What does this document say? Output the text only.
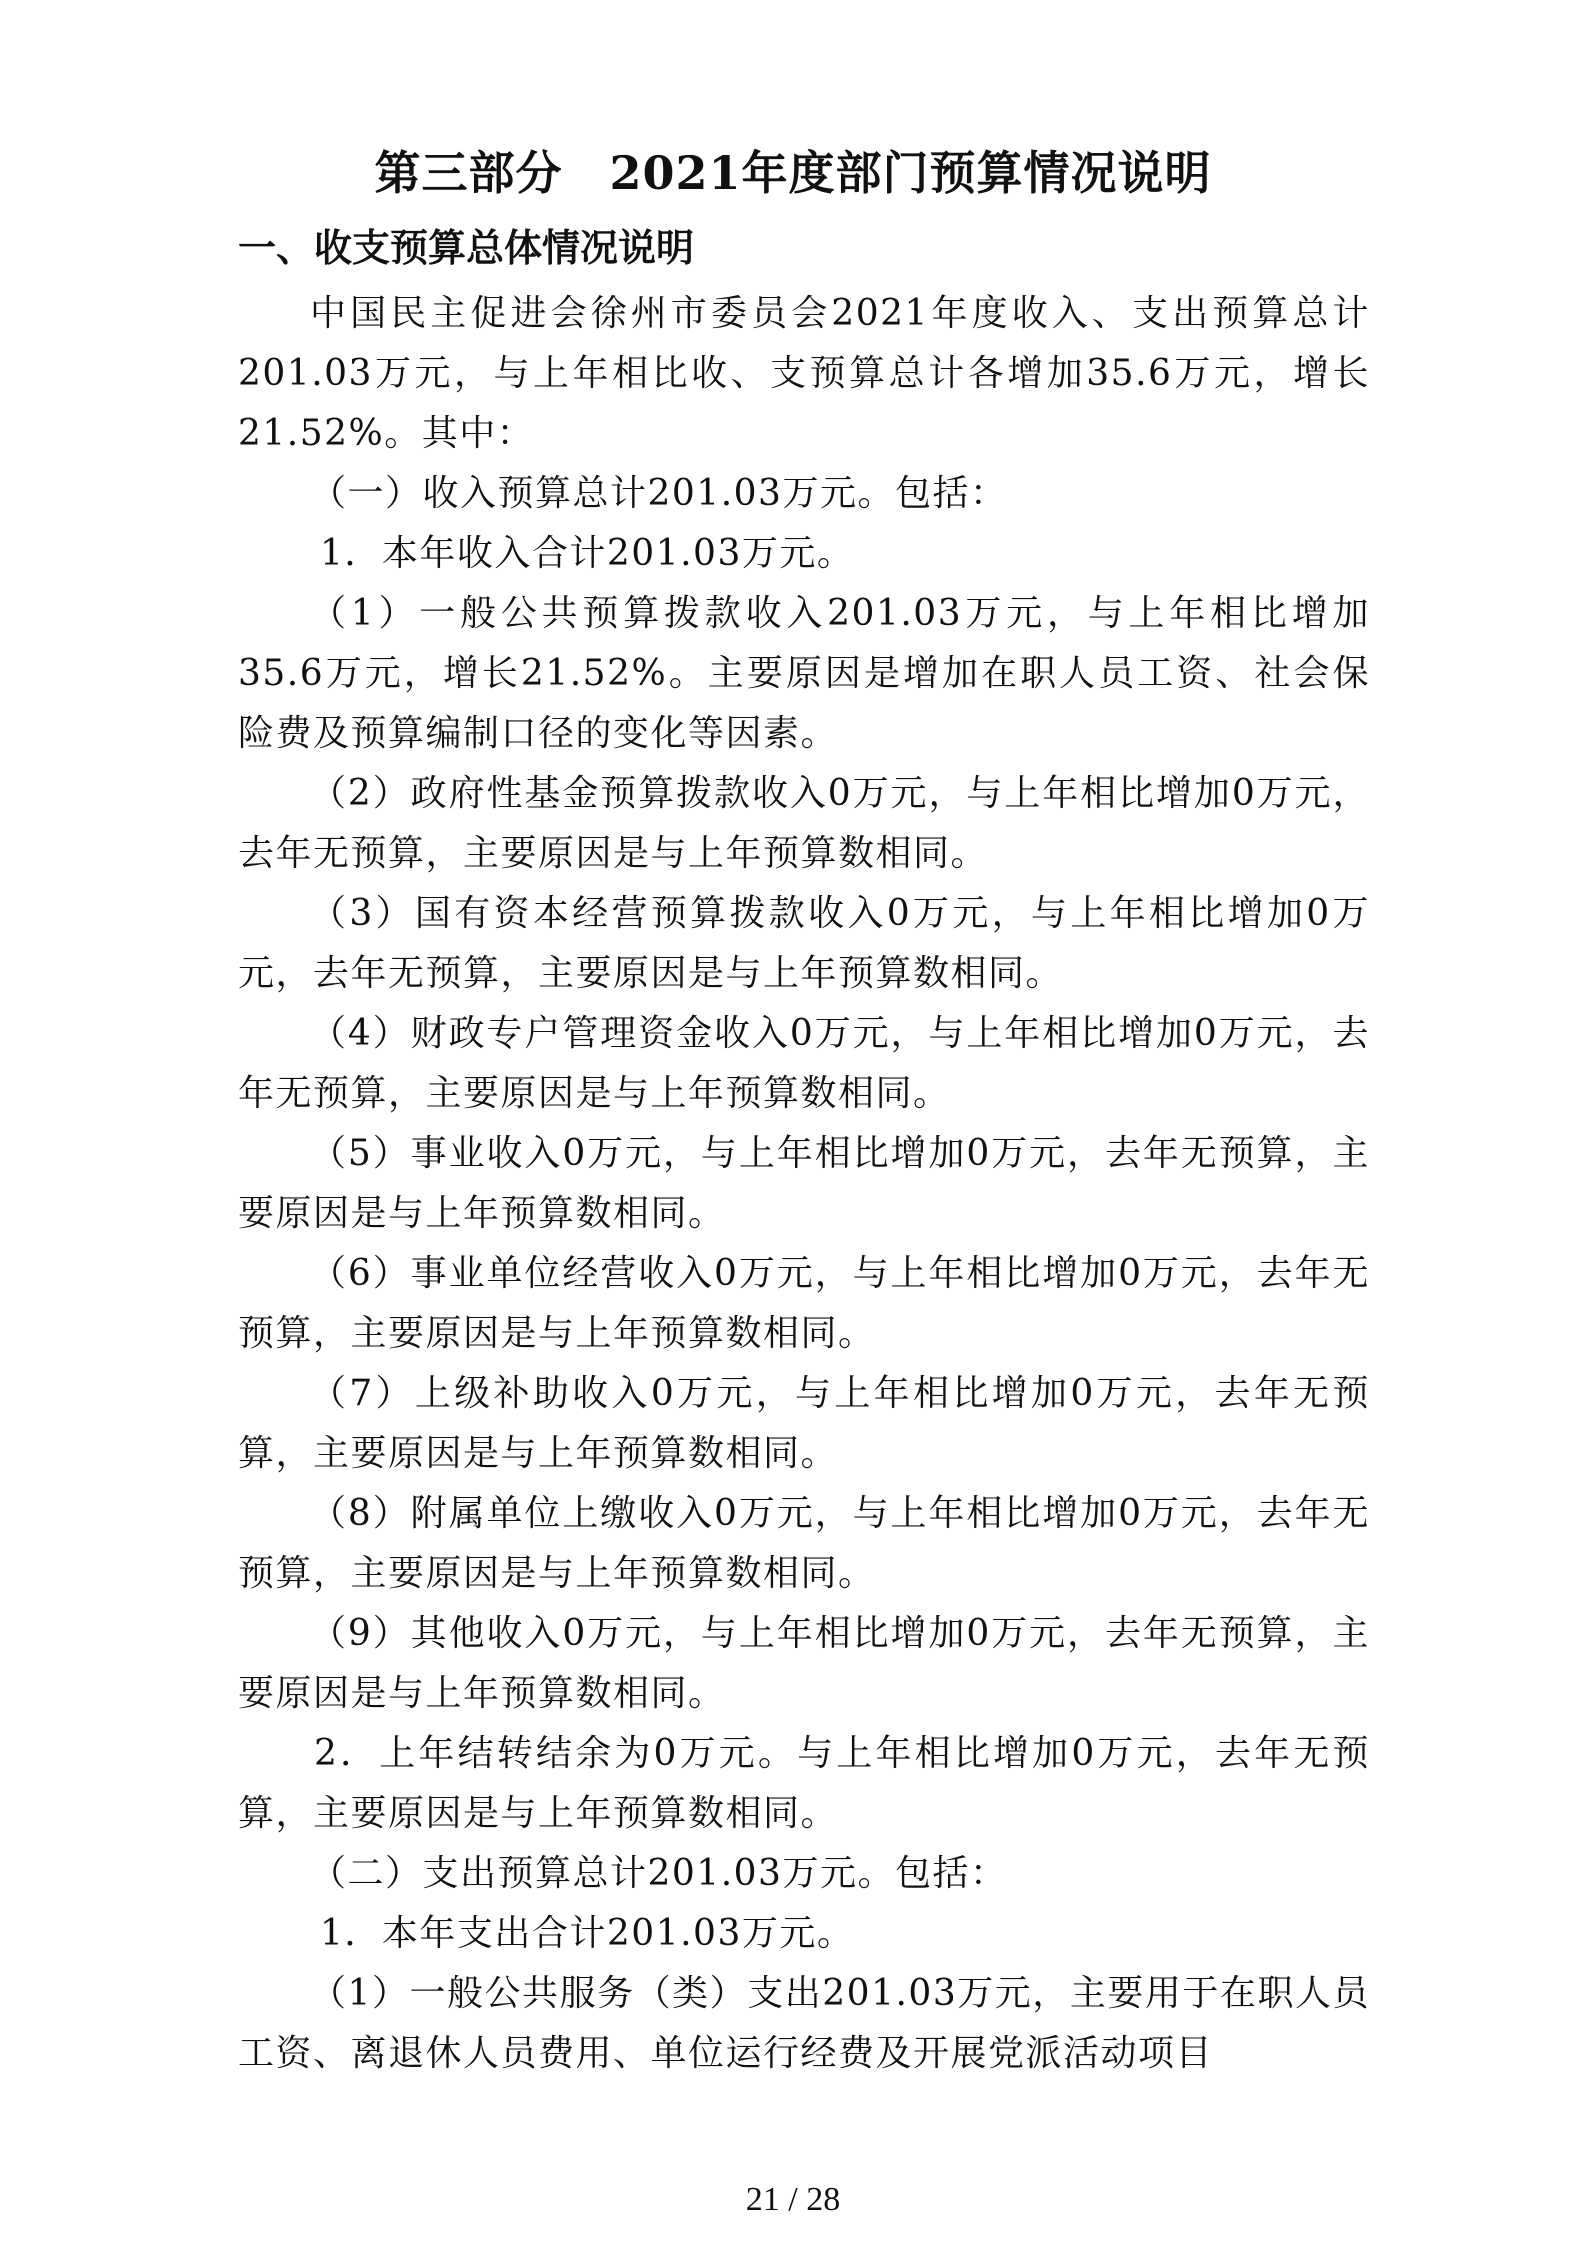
第三部分　2021年度部门预算情况说明
一、收支预算总体情况说明

中国民主促进会徐州市委员会2021年度收入、支出预算总计201.03万元，与上年相比收、支预算总计各增加35.6万元，增长21.52%。其中：

（一）收入预算总计201.03万元。包括：

1．本年收入合计201.03万元。

（1）一般公共预算拨款收入201.03万元，与上年相比增加35.6万元，增长21.52%。主要原因是增加在职人员工资、社会保险费及预算编制口径的变化等因素。

（2）政府性基金预算拨款收入0万元，与上年相比增加0万元，去年无预算，主要原因是与上年预算数相同。

（3）国有资本经营预算拨款收入0万元，与上年相比增加0万元，去年无预算，主要原因是与上年预算数相同。

（4）财政专户管理资金收入0万元，与上年相比增加0万元，去年无预算，主要原因是与上年预算数相同。

（5）事业收入0万元，与上年相比增加0万元，去年无预算，主要原因是与上年预算数相同。

（6）事业单位经营收入0万元，与上年相比增加0万元，去年无预算，主要原因是与上年预算数相同。

（7）上级补助收入0万元，与上年相比增加0万元，去年无预算，主要原因是与上年预算数相同。

（8）附属单位上缴收入0万元，与上年相比增加0万元，去年无预算，主要原因是与上年预算数相同。

（9）其他收入0万元，与上年相比增加0万元，去年无预算，主要原因是与上年预算数相同。

2．上年结转结余为0万元。与上年相比增加0万元，去年无预算，主要原因是与上年预算数相同。

（二）支出预算总计201.03万元。包括：

1．本年支出合计201.03万元。

（1）一般公共服务（类）支出201.03万元，主要用于在职人员工资、离退休人员费用、单位运行经费及开展党派活动项目

21 / 28
